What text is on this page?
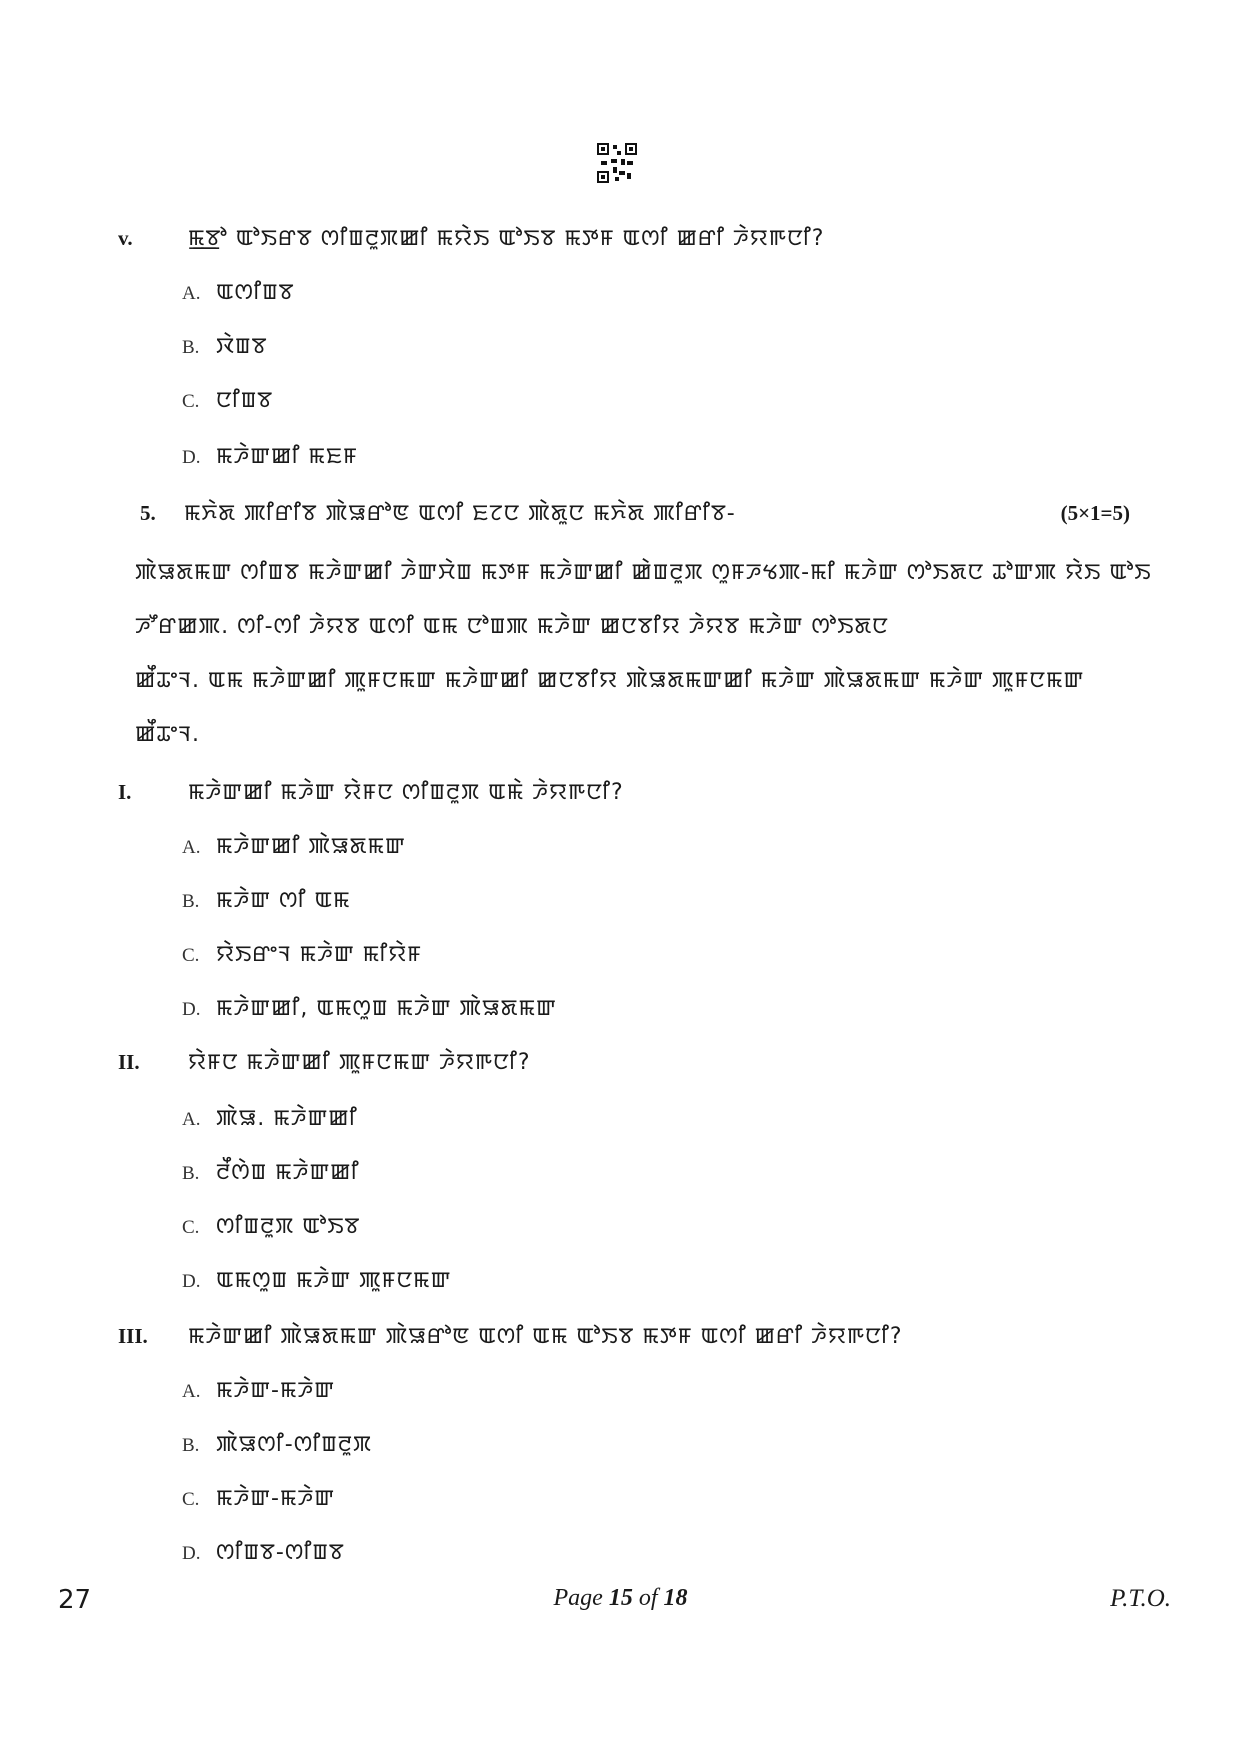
v.	ꯃ꯭ꯕꯣ ꯑꯣꯏꯔꯕ ꯁꯤꯡꯂꯨꯞꯀꯤ ꯃꯌꯥꯏ ꯑꯣꯏꯕ ꯃꯇꯝ ꯑꯁꯤ ꯀꯔꯤ ꯍꯥꯌꯒꯅꯤ?
A. ꯑꯁꯤꯡꯕ
B. ꯋꯥꯡꯕ
C. ꯅꯤꯡꯕ
D. ꯃꯍꯥꯛꯀꯤ ꯃꯐꯝ
5.	ꯃꯈꯥꯗ ꯄꯤꯔꯤꯕ ꯄꯥꯎꯔꯣꯟ ꯑꯁꯤ ꯐꯖꯅ ꯄꯥꯗꯨꯅ ꯃꯈꯥꯗ ꯄꯤꯔꯤꯕ-	(5×1=5)
ꯄꯥꯎꯗꯃꯛ ꯁꯤꯡꯕ ꯃꯍꯥꯛꯀꯤ ꯍꯥꯛꯆꯥꯡ ꯃꯇꯝ ꯃꯍꯥꯛꯀꯤ ꯀꯥꯡꯂꯨꯞ ꯁꯨꯝꯍꯠꯄ-ꯃꯤ ꯃꯍꯥꯛ ꯁꯣꯏꯗꯅ ꯊꯣꯛꯄ ꯌꯥꯏ ꯑꯣꯏ
ꯍꯧꯔꯀꯄ. ꯁꯤ-ꯁꯤ ꯍꯥꯌꯕ ꯑꯁꯤ ꯑꯃ ꯅꯣꯡꯄ ꯃꯍꯥꯛ ꯀꯅꯕꯤꯌ ꯍꯥꯌꯕ ꯃꯍꯥꯛ ꯁꯣꯏꯗꯅ
ꯀꯩꯊꯦꯜ. ꯑꯃ ꯃꯍꯥꯛꯀꯤ ꯄꯨꯝꯅꯃꯛ ꯃꯍꯥꯛꯀꯤ ꯀꯅꯕꯤꯌ ꯄꯥꯎꯗꯃꯛꯀꯤ ꯃꯍꯥꯛ ꯄꯥꯎꯗꯃꯛ ꯃꯍꯥꯛ ꯄꯨꯝꯅꯃꯛ
ꯀꯩꯊꯦꯜ.
I.	ꯃꯍꯥꯛꯀꯤ ꯃꯍꯥꯛ ꯌꯥꯝꯅ ꯁꯤꯡꯂꯨꯞ ꯑꯃꯥ ꯍꯥꯌꯒꯅꯤ?
A. ꯃꯍꯥꯛꯀꯤ ꯄꯥꯎꯗꯃꯛ
B. ꯃꯍꯥꯛ ꯁꯤ ꯑꯃ
C. ꯌꯥꯏꯔꯦꯜ ꯃꯍꯥꯛ ꯃꯤꯌꯥꯝ
D. ꯃꯍꯥꯛꯀꯤ, ꯑꯃꯁꯨꯡ ꯃꯍꯥꯛ ꯄꯥꯎꯗꯃꯛ
II.	ꯌꯥꯝꯅ ꯃꯍꯥꯛꯀꯤ ꯄꯨꯝꯅꯃꯛ ꯍꯥꯌꯒꯅꯤ?
A. ꯄꯥꯎ. ꯃꯍꯥꯛꯀꯤ
B. ꯂꯩꯁꯥꯡ ꯃꯍꯥꯛꯀꯤ
C. ꯁꯤꯡꯂꯨꯞ ꯑꯣꯏꯕ
D. ꯑꯃꯁꯨꯡ ꯃꯍꯥꯛ ꯄꯨꯝꯅꯃꯛ
III.	ꯃꯍꯥꯛꯀꯤ ꯄꯥꯎꯗꯃꯛ ꯄꯥꯎꯔꯣꯟ ꯑꯁꯤ ꯑꯃ ꯑꯣꯏꯕ ꯃꯇꯝ ꯑꯁꯤ ꯀꯔꯤ ꯍꯥꯌꯒꯅꯤ?
A. ꯃꯍꯥꯛ-ꯃꯍꯥꯛ
B. ꯄꯥꯎꯁꯤ-ꯁꯤꯡꯂꯨꯞ
C. ꯃꯍꯥꯛ-ꯃꯍꯥꯛ
D. ꯁꯤꯡꯕ-ꯁꯤꯡꯕ
27	Page 15 of 18	P.T.O.
